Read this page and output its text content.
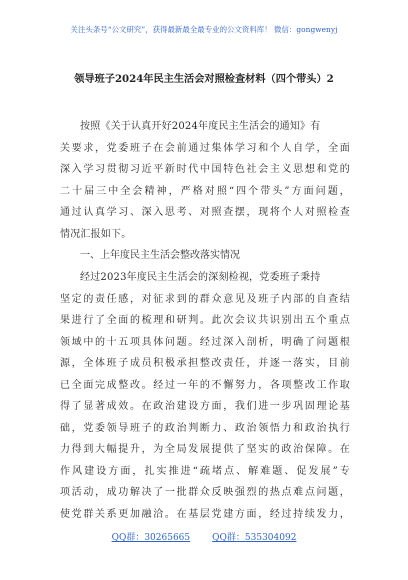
关注头条号“公文研究”，获得最新最全最专业的公文资料库！ 微信：gongwenyj
领导班子2024年民主生活会对照检查材料（四个带头）2
按照《关于认真开好2024年度民主生活会的通知》有
关要求，党委班子在会前通过集体学习和个人自学，全面
深入学习贯彻习近平新时代中国特色社会主义思想和党的
二十届三中全会精神，严格对照“四个带头”方面问题，
通过认真学习、深入思考、对照查摆，现将个人对照检查
情况汇报如下。
一、上年度民主生活会整改落实情况
经过2023年度民主生活会的深刻检视，党委班子秉持
坚定的责任感，对征求到的群众意见及班子内部的自查结
果进行了全面的梳理和研判。此次会议共识别出五个重点
领域中的十五项具体问题。经过深入剖析，明确了问题根
源，全体班子成员积极承担整改责任，并逐一落实，目前
已全面完成整改。经过一年的不懈努力，各项整改工作取
得了显著成效。在政治建设方面，我们进一步巩固理论基
础，党委领导班子的政治判断力、政治领悟力和政治执行
力得到大幅提升，为全局发展提供了坚实的政治保障。在
作风建设方面，扎实推进“疏堵点、解难题、促发展”专
项活动，成功解决了一批群众反映强烈的热点难点问题，
使党群关系更加融洽。在基层党建方面，经过持续发力，
QQ群：30265665 QQ群：535304092
